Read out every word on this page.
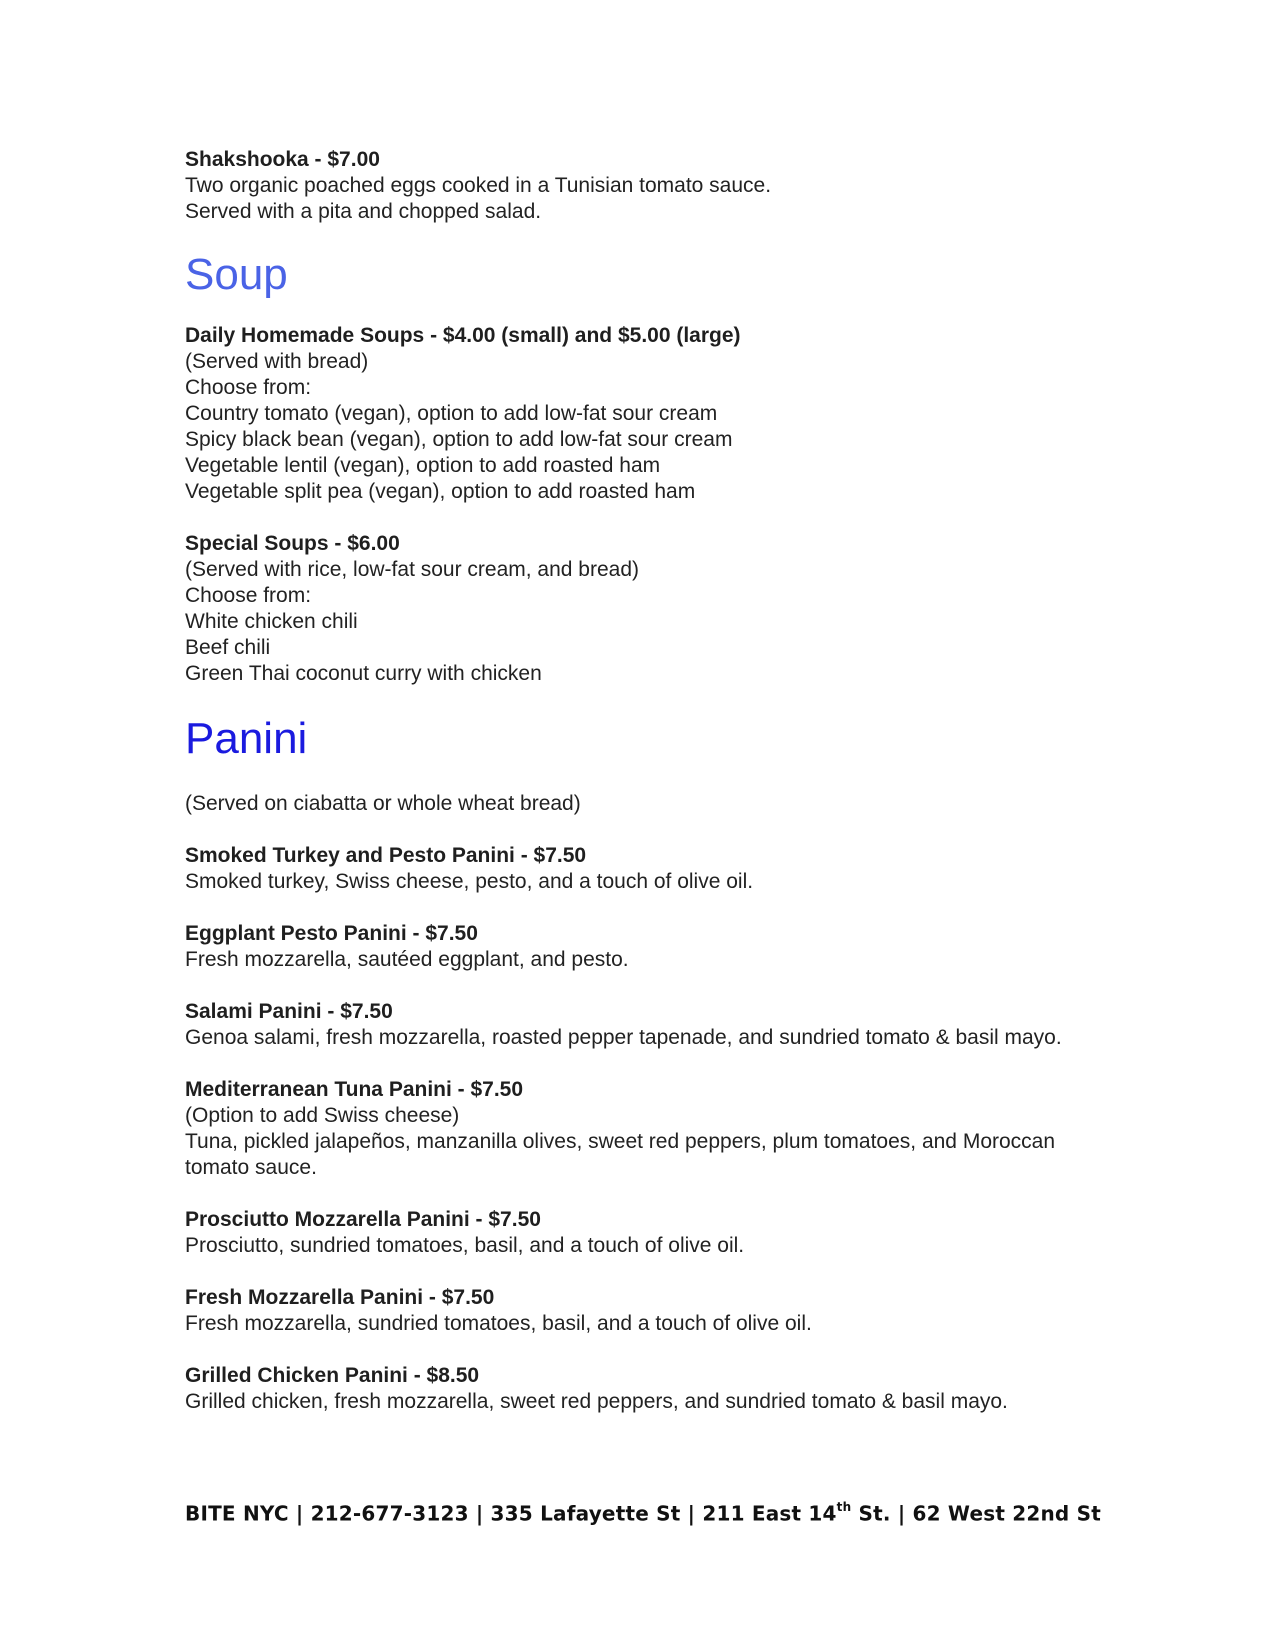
Shakshooka - $7.00

Two organic poached eggs cooked in a Tunisian tomato sauce.

Served with a pita and chopped salad.

Soup

Daily Homemade Soups - $4.00 (small) and $5.00 (large)

(Served with bread)

Choose from:

Country tomato (vegan), option to add low-fat sour cream

Spicy black bean (vegan), option to add low-fat sour cream

Vegetable lentil (vegan), option to add roasted ham

Vegetable split pea (vegan), option to add roasted ham

Special Soups - $6.00

(Served with rice, low-fat sour cream, and bread)

Choose from:

White chicken chili

Beef chili

Green Thai coconut curry with chicken

Panini

(Served on ciabatta or whole wheat bread)

Smoked Turkey and Pesto Panini - $7.50

Smoked turkey, Swiss cheese, pesto, and a touch of olive oil.

Eggplant Pesto Panini - $7.50

Fresh mozzarella, sautéed eggplant, and pesto.

Salami Panini - $7.50

Genoa salami, fresh mozzarella, roasted pepper tapenade, and sundried tomato & basil mayo.

Mediterranean Tuna Panini - $7.50

(Option to add Swiss cheese)

Tuna, pickled jalapeños, manzanilla olives, sweet red peppers, plum tomatoes, and Moroccan tomato sauce.

Prosciutto Mozzarella Panini - $7.50

Prosciutto, sundried tomatoes, basil, and a touch of olive oil.

Fresh Mozzarella Panini - $7.50

Fresh mozzarella, sundried tomatoes, basil, and a touch of olive oil.

Grilled Chicken Panini - $8.50

Grilled chicken, fresh mozzarella, sweet red peppers, and sundried tomato & basil mayo.

BITE NYC | 212-677-3123 | 335 Lafayette St | 211 East 14th St. | 62 West 22nd St
